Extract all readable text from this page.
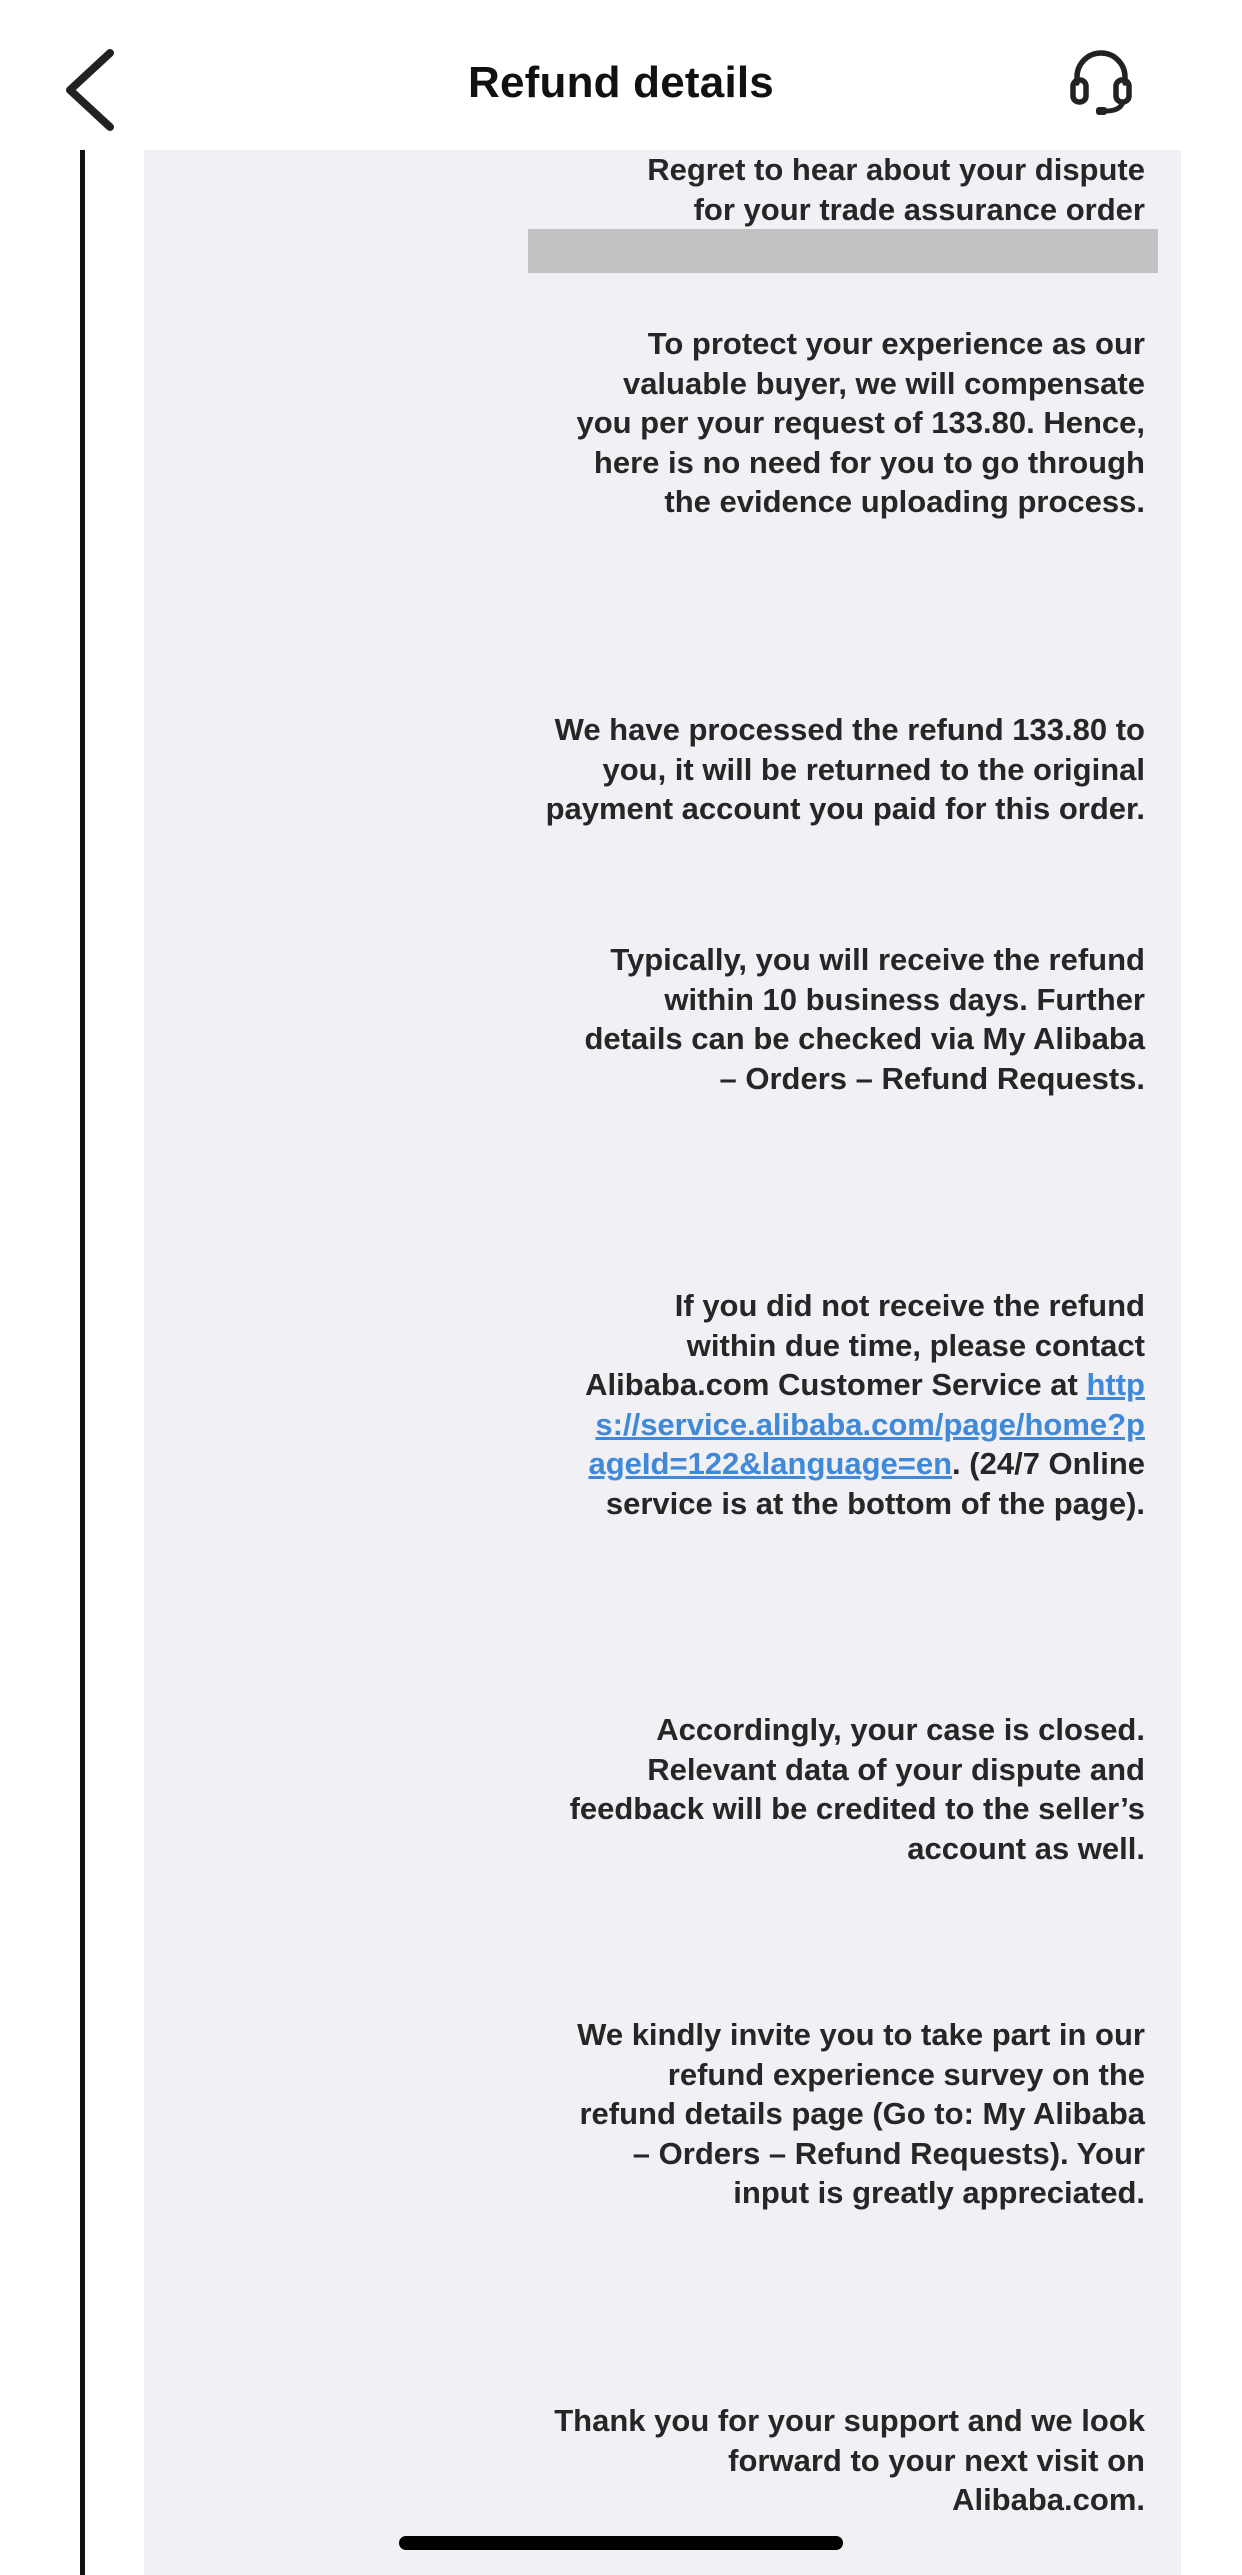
Refund details

Regret to hear about your dispute
for your trade assurance order

To protect your experience as our valuable buyer, we will compensate you per your request of 133.80. Hence, here is no need for you to go through the evidence uploading process.

We have processed the refund 133.80 to you, it will be returned to the original payment account you paid for this order.

Typically, you will receive the refund within 10 business days. Further details can be checked via My Alibaba – Orders – Refund Requests.

If you did not receive the refund within due time, please contact Alibaba.com Customer Service at https://service.alibaba.com/page/home?pageId=122&language=en. (24/7 Online service is at the bottom of the page).

Accordingly, your case is closed. Relevant data of your dispute and feedback will be credited to the seller’s account as well.

We kindly invite you to take part in our refund experience survey on the refund details page (Go to: My Alibaba – Orders – Refund Requests). Your input is greatly appreciated.

Thank you for your support and we look forward to your next visit on Alibaba.com.
